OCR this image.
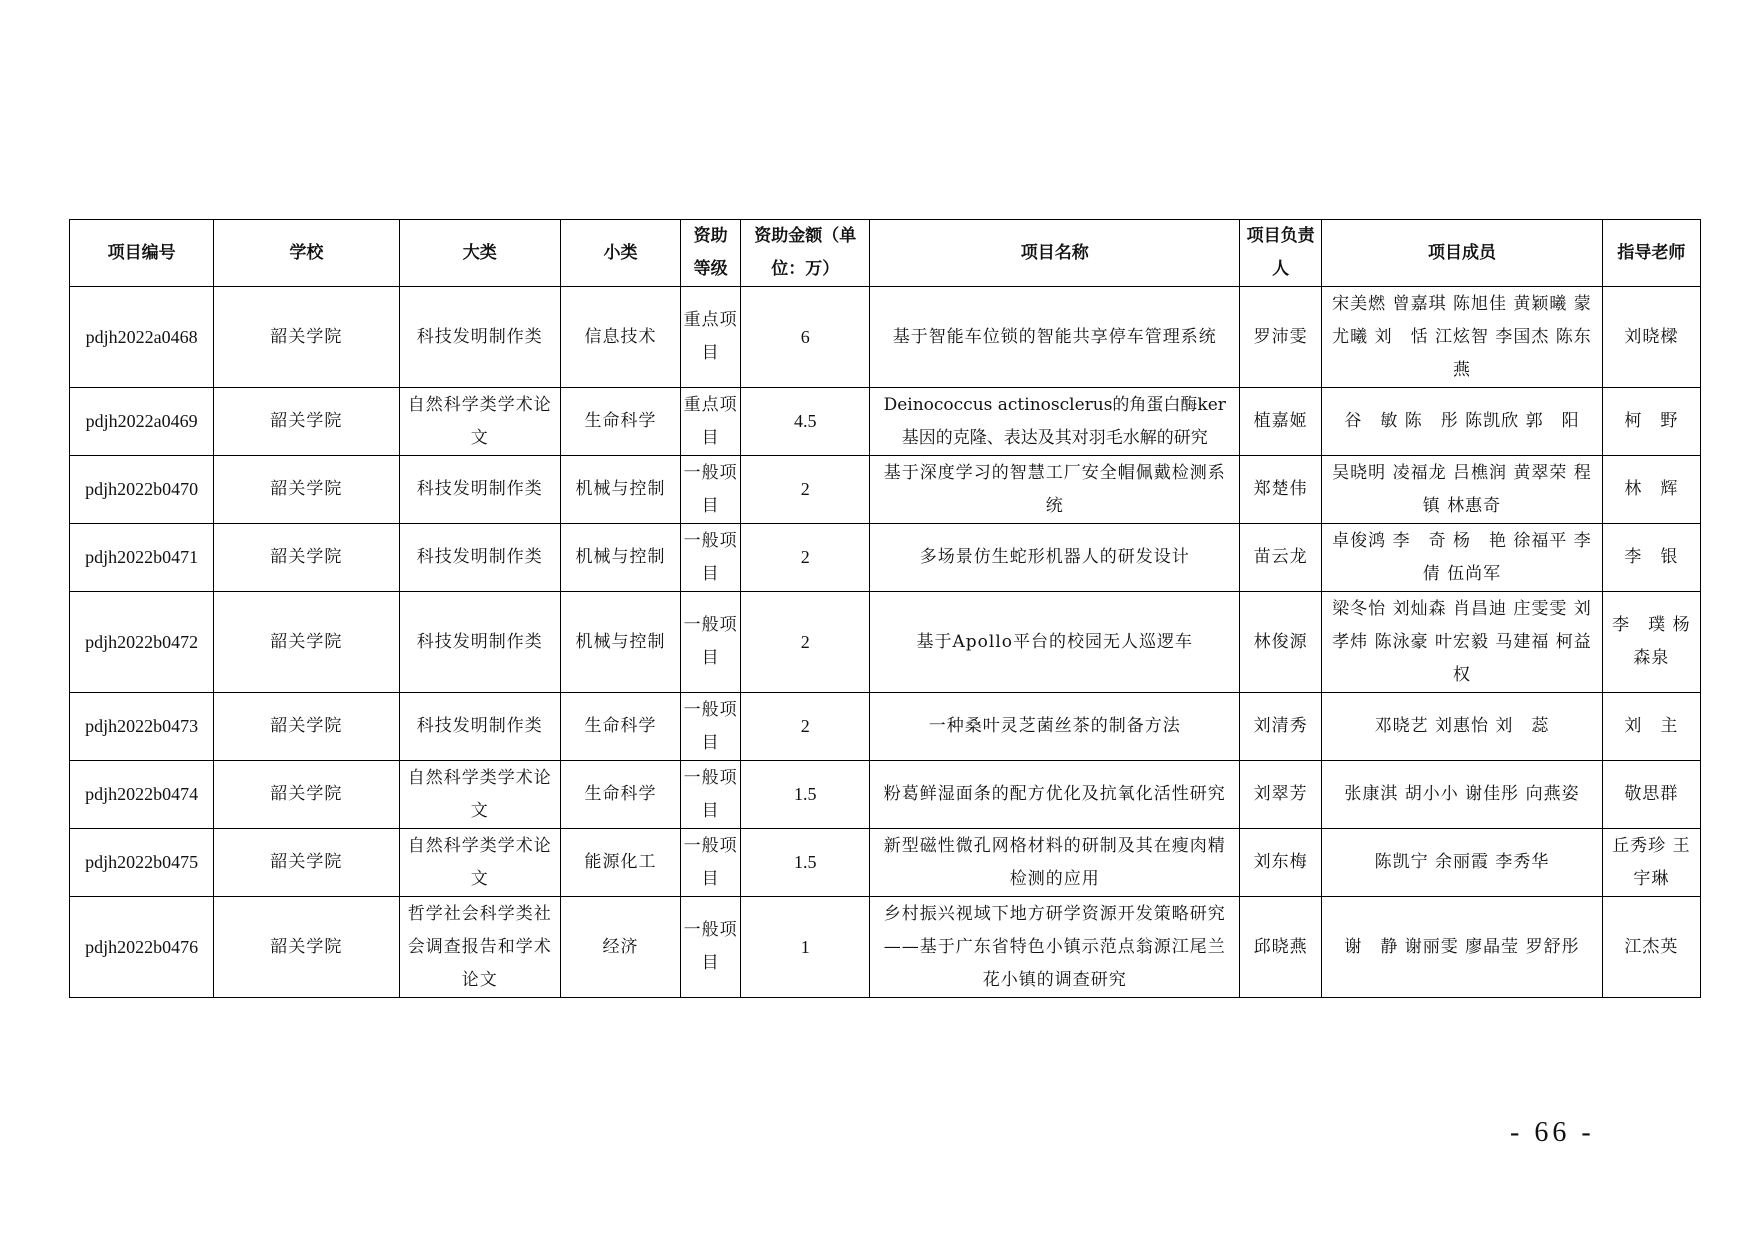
项目编号	学校	大类	小类	资助等级	资助金额（单位：万）	项目名称	项目负责人	项目成员	指导老师
pdjh2022a0468	韶关学院	科技发明制作类	信息技术	重点项目	6	基于智能车位锁的智能共享停车管理系统	罗沛雯	宋美燃 曾嘉琪 陈旭佳 黄颖曦 蒙尤曦 刘　恬 江炫智 李国杰 陈东燕	刘晓樑
pdjh2022a0469	韶关学院	自然科学类学术论文	生命科学	重点项目	4.5	Deinococcus actinosclerus的角蛋白酶ker基因的克隆、表达及其对羽毛水解的研究	植嘉姬	谷　敏 陈　彤 陈凯欣 郭　阳	柯　野
pdjh2022b0470	韶关学院	科技发明制作类	机械与控制	一般项目	2	基于深度学习的智慧工厂安全帽佩戴检测系统	郑楚伟	吴晓明 凌福龙 吕樵润 黄翠荣 程　镇 林惠奇	林　辉
pdjh2022b0471	韶关学院	科技发明制作类	机械与控制	一般项目	2	多场景仿生蛇形机器人的研发设计	苗云龙	卓俊鸿 李　奇 杨　艳 徐福平 李　倩 伍尚军	李　银
pdjh2022b0472	韶关学院	科技发明制作类	机械与控制	一般项目	2	基于Apollo平台的校园无人巡逻车	林俊源	梁冬怡 刘灿森 肖昌迪 庄雯雯 刘孝炜 陈泳豪 叶宏毅 马建福 柯益权	李　璞 杨森泉
pdjh2022b0473	韶关学院	科技发明制作类	生命科学	一般项目	2	一种桑叶灵芝菌丝茶的制备方法	刘清秀	邓晓艺 刘惠怡 刘　蕊	刘　主
pdjh2022b0474	韶关学院	自然科学类学术论文	生命科学	一般项目	1.5	粉葛鲜湿面条的配方优化及抗氧化活性研究	刘翠芳	张康淇 胡小小 谢佳彤 向燕姿	敬思群
pdjh2022b0475	韶关学院	自然科学类学术论文	能源化工	一般项目	1.5	新型磁性微孔网格材料的研制及其在瘦肉精检测的应用	刘东梅	陈凯宁 余丽霞 李秀华	丘秀珍 王宇琳
pdjh2022b0476	韶关学院	哲学社会科学类社会调查报告和学术论文	经济	一般项目	1	乡村振兴视域下地方研学资源开发策略研究——基于广东省特色小镇示范点翁源江尾兰花小镇的调查研究	邱晓燕	谢　静 谢丽雯 廖晶莹 罗舒彤	江杰英
- 66 -
